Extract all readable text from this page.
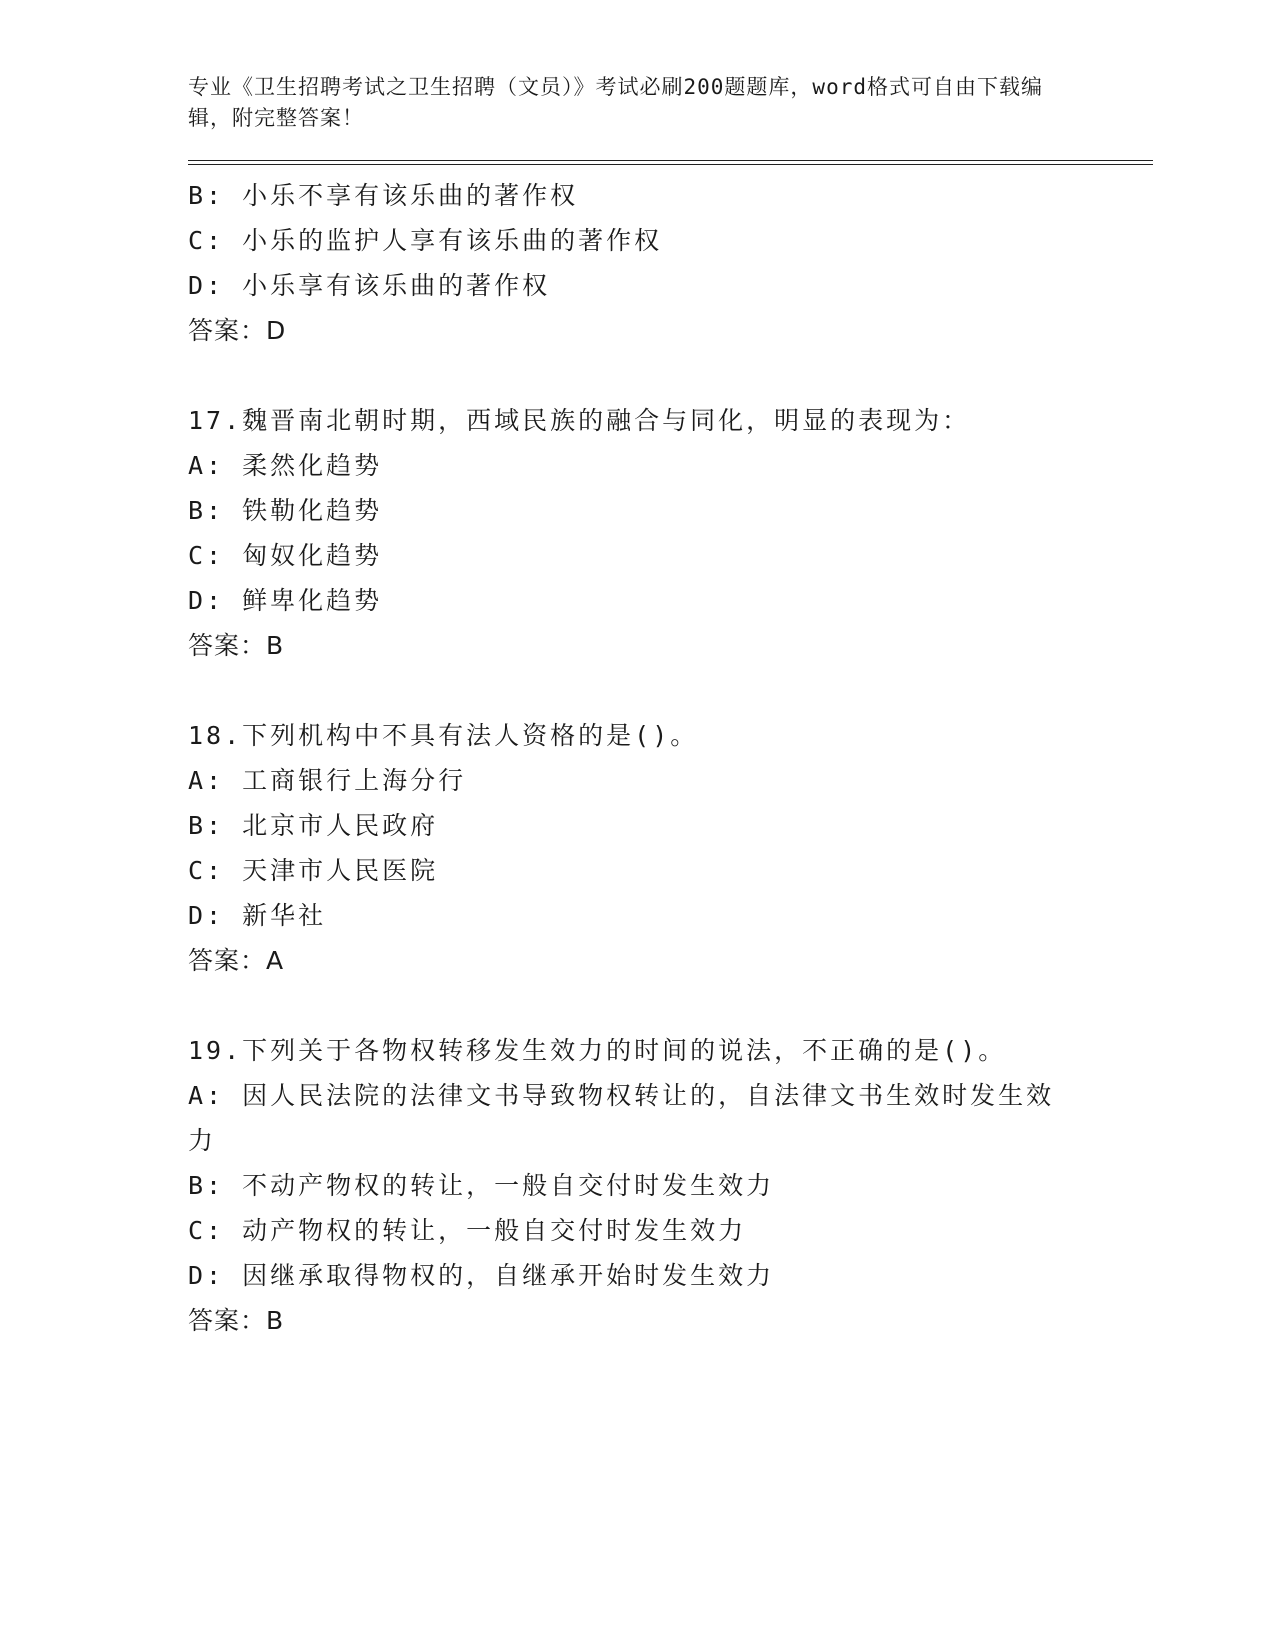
专业《卫生招聘考试之卫生招聘（文员）》考试必刷200题题库，word格式可自由下载编辑，附完整答案！
B: 小乐不享有该乐曲的著作权
C: 小乐的监护人享有该乐曲的著作权
D: 小乐享有该乐曲的著作权
答案：D
17.魏晋南北朝时期，西域民族的融合与同化，明显的表现为：
A: 柔然化趋势
B: 铁勒化趋势
C: 匈奴化趋势
D: 鲜卑化趋势
答案：B
18.下列机构中不具有法人资格的是()。
A: 工商银行上海分行
B: 北京市人民政府
C: 天津市人民医院
D: 新华社
答案：A
19.下列关于各物权转移发生效力的时间的说法，不正确的是()。
A: 因人民法院的法律文书导致物权转让的，自法律文书生效时发生效力
B: 不动产物权的转让，一般自交付时发生效力
C: 动产物权的转让，一般自交付时发生效力
D: 因继承取得物权的，自继承开始时发生效力
答案：B
